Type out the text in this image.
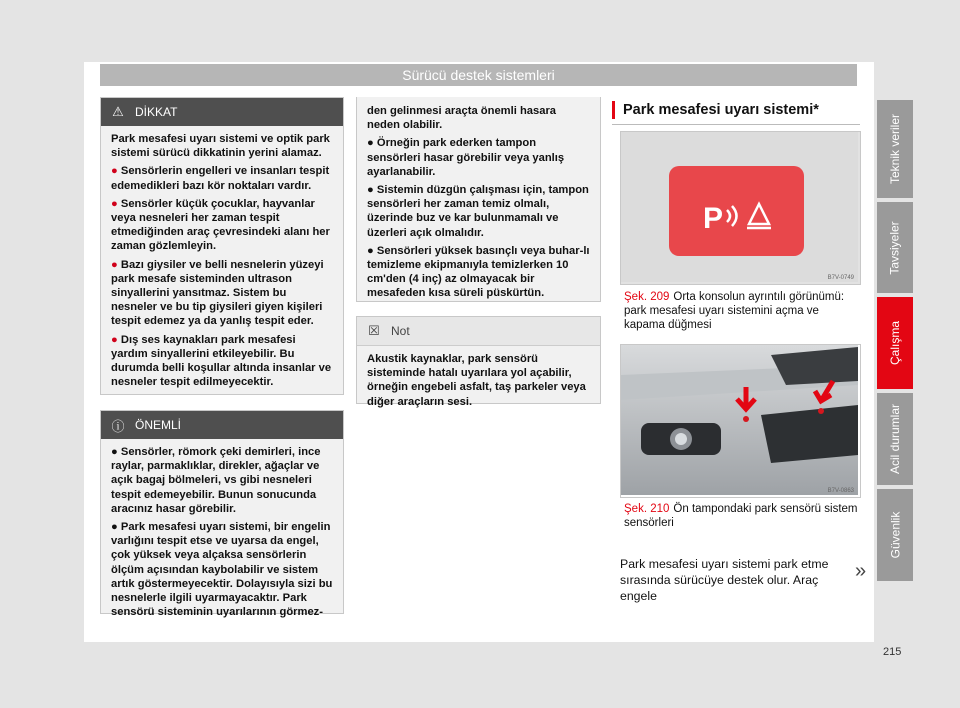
Sürücü destek sistemleri
⚠ DİKKAT

Park mesafesi uyarı sistemi ve optik park sistemi sürücü dikkatinin yerini alamaz.

● Sensörlerin engelleri ve insanları tespit edemedikleri bazı kör noktaları vardır.

● Sensörler küçük çocuklar, hayvanlar veya nesneleri her zaman tespit etmediğinden araç çevresindeki alanı her zaman gözlemleyin.

● Bazı giysiler ve belli nesnelerin yüzeyi park mesafe sisteminden ultrason sinyallerini yansıtmaz. Sistem bu nesneler ve bu tip giysileri giyen kişileri tespit edemez ya da yanlış tespit eder.

● Dış ses kaynakları park mesafesi yardım sinyallerini etkileyebilir. Bu durumda belli koşullar altında insanlar ve nesneler tespit edilmeyecektir.

ⓘ ÖNEMLİ

● Sensörler, römork çeki demirleri, ince raylar, parmaklıklar, direkler, ağaçlar ve açık bagaj bölmeleri, vs gibi nesneleri tespit edemeyebilir. Bunun sonucunda aracınız hasar görebilir.

● Park mesafesi uyarı sistemi, bir engelin varlığını tespit etse ve uyarsa da engel, çok yüksek veya alçaksa sensörlerin ölçüm açısından kaybolabilir ve sistem artık göstermeyecektir. Dolayısıyla sizi bu nesnelerle ilgili uyarmayacaktır. Park sensörü sisteminin uyarılarının görmez-

den gelinmesi araçta önemli hasara neden olabilir.

● Örneğin park ederken tampon sensörleri hasar görebilir veya yanlış ayarlanabilir.

● Sistemin düzgün çalışması için, tampon sensörleri her zaman temiz olmalı, üzerinde buz ve kar bulunmamalı ve üzerleri açık olmalıdır.

● Sensörleri yüksek basınçlı veya buhar-lı temizleme ekipmanıyla temizlerken 10 cm'den (4 inç) az olmayacak bir mesafeden kısa süreli püskürtün.

☒ Not

Akustik kaynaklar, park sensörü sisteminde hatalı uyarılara yol açabilir, örneğin engebeli asfalt, taş parkeler veya diğer araçların sesi.

Park mesafesi uyarı sistemi*
P
B7V-0749
Şek. 209 Orta konsolun ayrıntılı görünümü: park mesafesi uyarı sistemini açma ve kapama düğmesi
B7V-0863
Şek. 210 Ön tampondaki park sensörü sistem sensörleri
Park mesafesi uyarı sistemi park etme sırasında sürücüye destek olur. Araç engele
»
Teknik veriler
Tavsiyeler
Çalışma
Acil durumlar
Güvenlik
215
